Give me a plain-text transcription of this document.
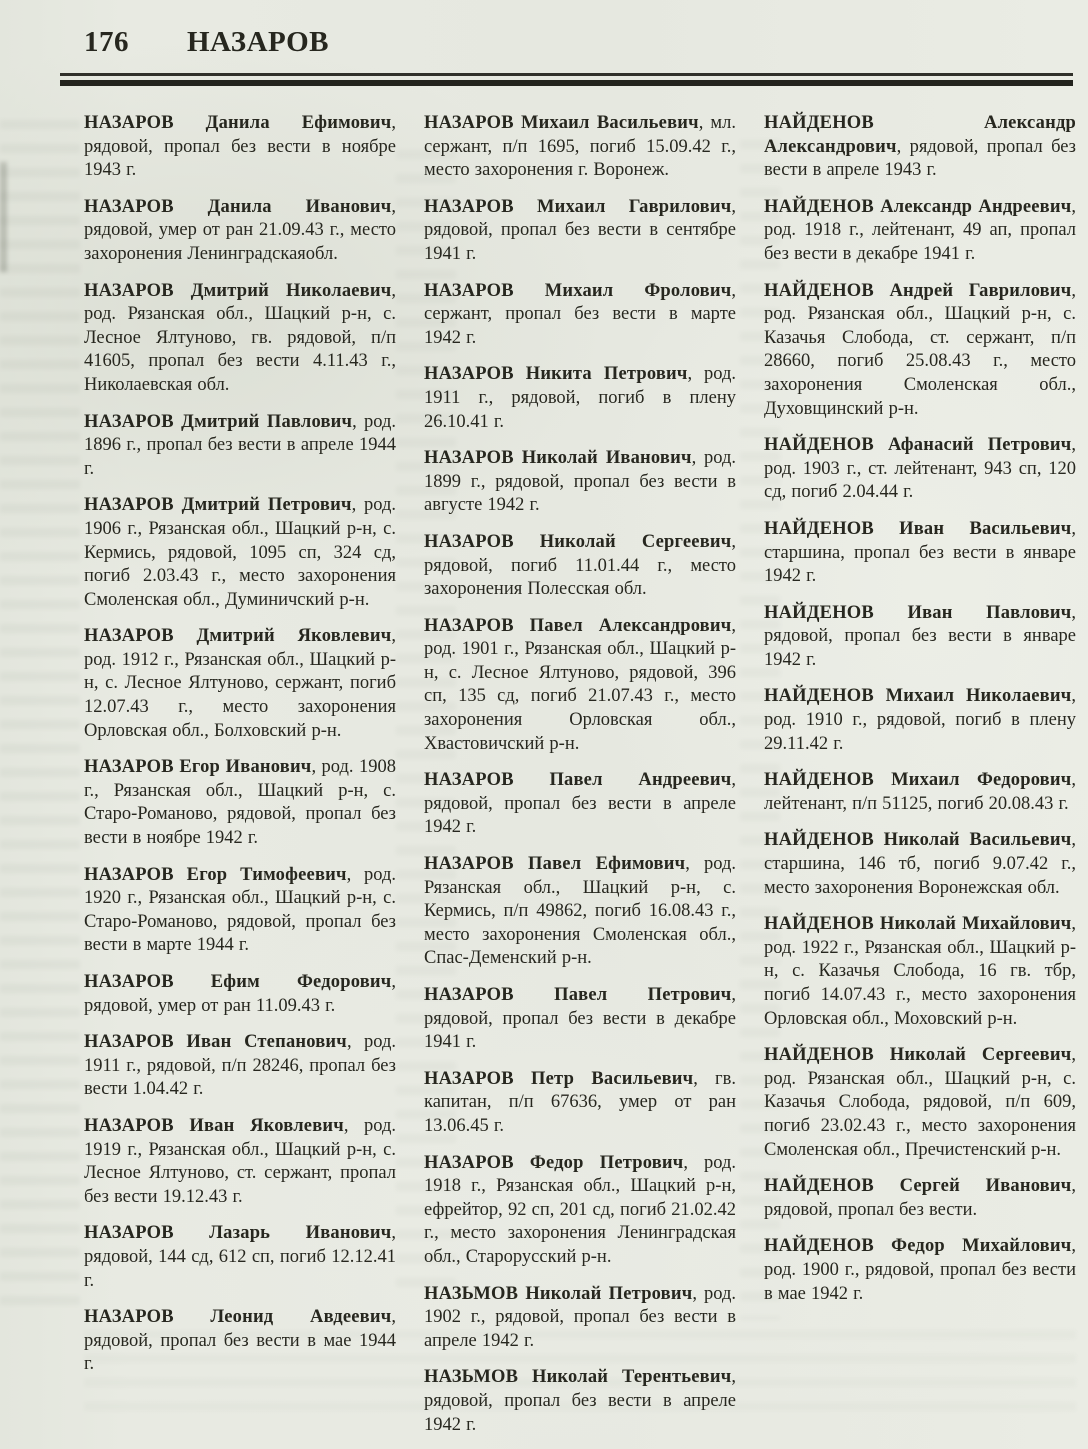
176 НАЗАРОВ

НАЗАРОВ Данила Ефимович, рядовой, пропал без вести в ноябре 1943 г.

НАЗАРОВ Данила Иванович, рядовой, умер от ран 21.09.43 г., место захоронения Ленинградскаяобл.

НАЗАРОВ Дмитрий Николаевич, род. Рязанская обл., Шацкий р-н, с. Лесное Ялтуново, гв. рядовой, п/п 41605, пропал без вести 4.11.43 г., Николаевская обл.

НАЗАРОВ Дмитрий Павлович, род. 1896 г., пропал без вести в апреле 1944 г.

НАЗАРОВ Дмитрий Петрович, род. 1906 г., Рязанская обл., Шацкий р-н, с. Кермись, рядовой, 1095 сп, 324 сд, погиб 2.03.43 г., место захоронения Смоленская обл., Думиничский р-н.

НАЗАРОВ Дмитрий Яковлевич, род. 1912 г., Рязанская обл., Шацкий р-н, с. Лесное Ялтуново, сержант, погиб 12.07.43 г., место захоронения Орловская обл., Болховский р-н.

НАЗАРОВ Егор Иванович, род. 1908 г., Рязанская обл., Шацкий р-н, с. Старо-Романово, рядовой, пропал без вести в ноябре 1942 г.

НАЗАРОВ Егор Тимофеевич, род. 1920 г., Рязанская обл., Шацкий р-н, с. Старо-Романово, рядовой, пропал без вести в марте 1944 г.

НАЗАРОВ Ефим Федорович, рядовой, умер от ран 11.09.43 г.

НАЗАРОВ Иван Степанович, род. 1911 г., рядовой, п/п 28246, пропал без вести 1.04.42 г.

НАЗАРОВ Иван Яковлевич, род. 1919 г., Рязанская обл., Шацкий р-н, с. Лесное Ялтуново, ст. сержант, пропал без вести 19.12.43 г.

НАЗАРОВ Лазарь Иванович, рядовой, 144 сд, 612 сп, погиб 12.12.41 г.

НАЗАРОВ Леонид Авдеевич, рядовой, пропал без вести в мае 1944 г.

НАЗАРОВ Михаил Васильевич, мл. сержант, п/п 1695, погиб 15.09.42 г., место захоронения г. Воронеж.

НАЗАРОВ Михаил Гаврилович, рядовой, пропал без вести в сентябре 1941 г.

НАЗАРОВ Михаил Фролович, сержант, пропал без вести в марте 1942 г.

НАЗАРОВ Никита Петрович, род. 1911 г., рядовой, погиб в плену 26.10.41 г.

НАЗАРОВ Николай Иванович, род. 1899 г., рядовой, пропал без вести в августе 1942 г.

НАЗАРОВ Николай Сергеевич, рядовой, погиб 11.01.44 г., место захоронения Полесская обл.

НАЗАРОВ Павел Александрович, род. 1901 г., Рязанская обл., Шацкий р-н, с. Лесное Ялтуново, рядовой, 396 сп, 135 сд, погиб 21.07.43 г., место захоронения Орловская обл., Хвастовичский р-н.

НАЗАРОВ Павел Андреевич, рядовой, пропал без вести в апреле 1942 г.

НАЗАРОВ Павел Ефимович, род. Рязанская обл., Шацкий р-н, с. Кермись, п/п 49862, погиб 16.08.43 г., место захоронения Смоленская обл., Спас-Деменский р-н.

НАЗАРОВ Павел Петрович, рядовой, пропал без вести в декабре 1941 г.

НАЗАРОВ Петр Васильевич, гв. капитан, п/п 67636, умер от ран 13.06.45 г.

НАЗАРОВ Федор Петрович, род. 1918 г., Рязанская обл., Шацкий р-н, ефрейтор, 92 сп, 201 сд, погиб 21.02.42 г., место захоронения Ленинградская обл., Старорусский р-н.

НАЗЬМОВ Николай Петрович, род. 1902 г., рядовой, пропал без вести в апреле 1942 г.

НАЗЬМОВ Николай Терентьевич, рядовой, пропал без вести в апреле 1942 г.

НАЙДЕНОВ Александр Александрович, рядовой, пропал без вести в апреле 1943 г.

НАЙДЕНОВ Александр Андреевич, род. 1918 г., лейтенант, 49 ап, пропал без вести в декабре 1941 г.

НАЙДЕНОВ Андрей Гаврилович, род. Рязанская обл., Шацкий р-н, с. Казачья Слобода, ст. сержант, п/п 28660, погиб 25.08.43 г., место захоронения Смоленская обл., Духовщинский р-н.

НАЙДЕНОВ Афанасий Петрович, род. 1903 г., ст. лейтенант, 943 сп, 120 сд, погиб 2.04.44 г.

НАЙДЕНОВ Иван Васильевич, старшина, пропал без вести в январе 1942 г.

НАЙДЕНОВ Иван Павлович, рядовой, пропал без вести в январе 1942 г.

НАЙДЕНОВ Михаил Николаевич, род. 1910 г., рядовой, погиб в плену 29.11.42 г.

НАЙДЕНОВ Михаил Федорович, лейтенант, п/п 51125, погиб 20.08.43 г.

НАЙДЕНОВ Николай Васильевич, старшина, 146 тб, погиб 9.07.42 г., место захоронения Воронежская обл.

НАЙДЕНОВ Николай Михайлович, род. 1922 г., Рязанская обл., Шацкий р-н, с. Казачья Слобода, 16 гв. тбр, погиб 14.07.43 г., место захоронения Орловская обл., Моховский р-н.

НАЙДЕНОВ Николай Сергеевич, род. Рязанская обл., Шацкий р-н, с. Казачья Слобода, рядовой, п/п 609, погиб 23.02.43 г., место захоронения Смоленская обл., Пречистенский р-н.

НАЙДЕНОВ Сергей Иванович, рядовой, пропал без вести.

НАЙДЕНОВ Федор Михайлович, род. 1900 г., рядовой, пропал без вести в мае 1942 г.
